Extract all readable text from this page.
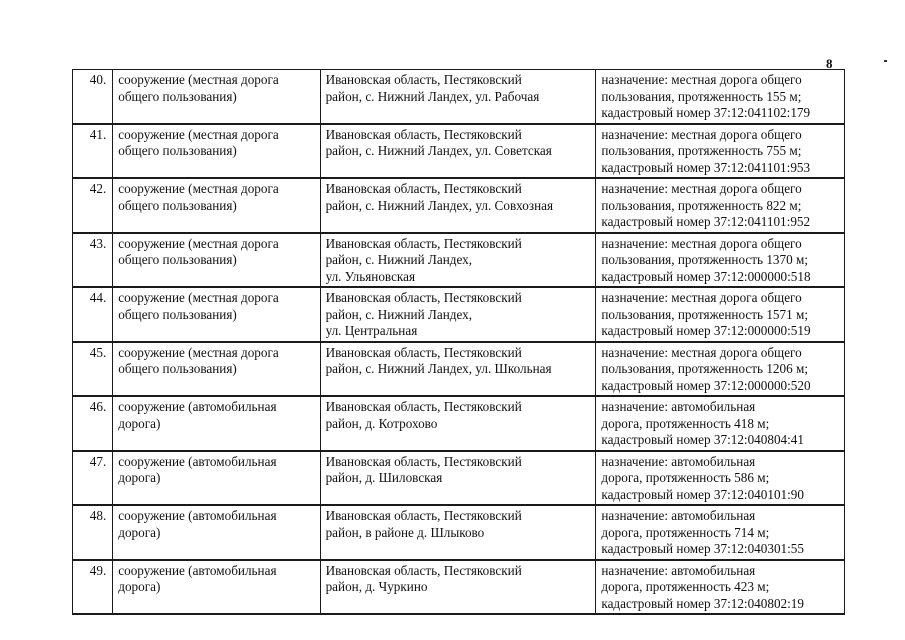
8
40.	сооружение (местная дорога
общего пользования)	Ивановская область, Пестяковский
район, с. Нижний Ландех, ул. Рабочая	назначение: местная дорога общего
пользования, протяженность 155 м;
кадастровый номер 37:12:041102:179

41.	сооружение (местная дорога
общего пользования)	Ивановская область, Пестяковский
район, с. Нижний Ландех, ул. Советская	назначение: местная дорога общего
пользования, протяженность 755 м;
кадастровый номер 37:12:041101:953

42.	сооружение (местная дорога
общего пользования)	Ивановская область, Пестяковский
район, с. Нижний Ландех, ул. Совхозная	назначение: местная дорога общего
пользования, протяженность 822 м;
кадастровый номер 37:12:041101:952

43.	сооружение (местная дорога
общего пользования)	Ивановская область, Пестяковский
район, с. Нижний Ландех,
ул. Ульяновская	назначение: местная дорога общего
пользования, протяженность 1370 м;
кадастровый номер 37:12:000000:518

44.	сооружение (местная дорога
общего пользования)	Ивановская область, Пестяковский
район, с. Нижний Ландех,
ул. Центральная	назначение: местная дорога общего
пользования, протяженность 1571 м;
кадастровый номер 37:12:000000:519

45.	сооружение (местная дорога
общего пользования)	Ивановская область, Пестяковский
район, с. Нижний Ландех, ул. Школьная	назначение: местная дорога общего
пользования, протяженность 1206 м;
кадастровый номер 37:12:000000:520

46.	сооружение (автомобильная
дорога)	Ивановская область, Пестяковский
район, д. Котрохово	назначение: автомобильная
дорога, протяженность 418 м;
кадастровый номер 37:12:040804:41

47.	сооружение (автомобильная
дорога)	Ивановская область, Пестяковский
район, д. Шиловская	назначение: автомобильная
дорога, протяженность 586 м;
кадастровый номер 37:12:040101:90

48.	сооружение (автомобильная
дорога)	Ивановская область, Пестяковский
район, в районе д. Шлыково	назначение: автомобильная
дорога, протяженность 714 м;
кадастровый номер 37:12:040301:55

49.	сооружение (автомобильная
дорога)	Ивановская область, Пестяковский
район, д. Чуркино	назначение: автомобильная
дорога, протяженность 423 м;
кадастровый номер 37:12:040802:19
